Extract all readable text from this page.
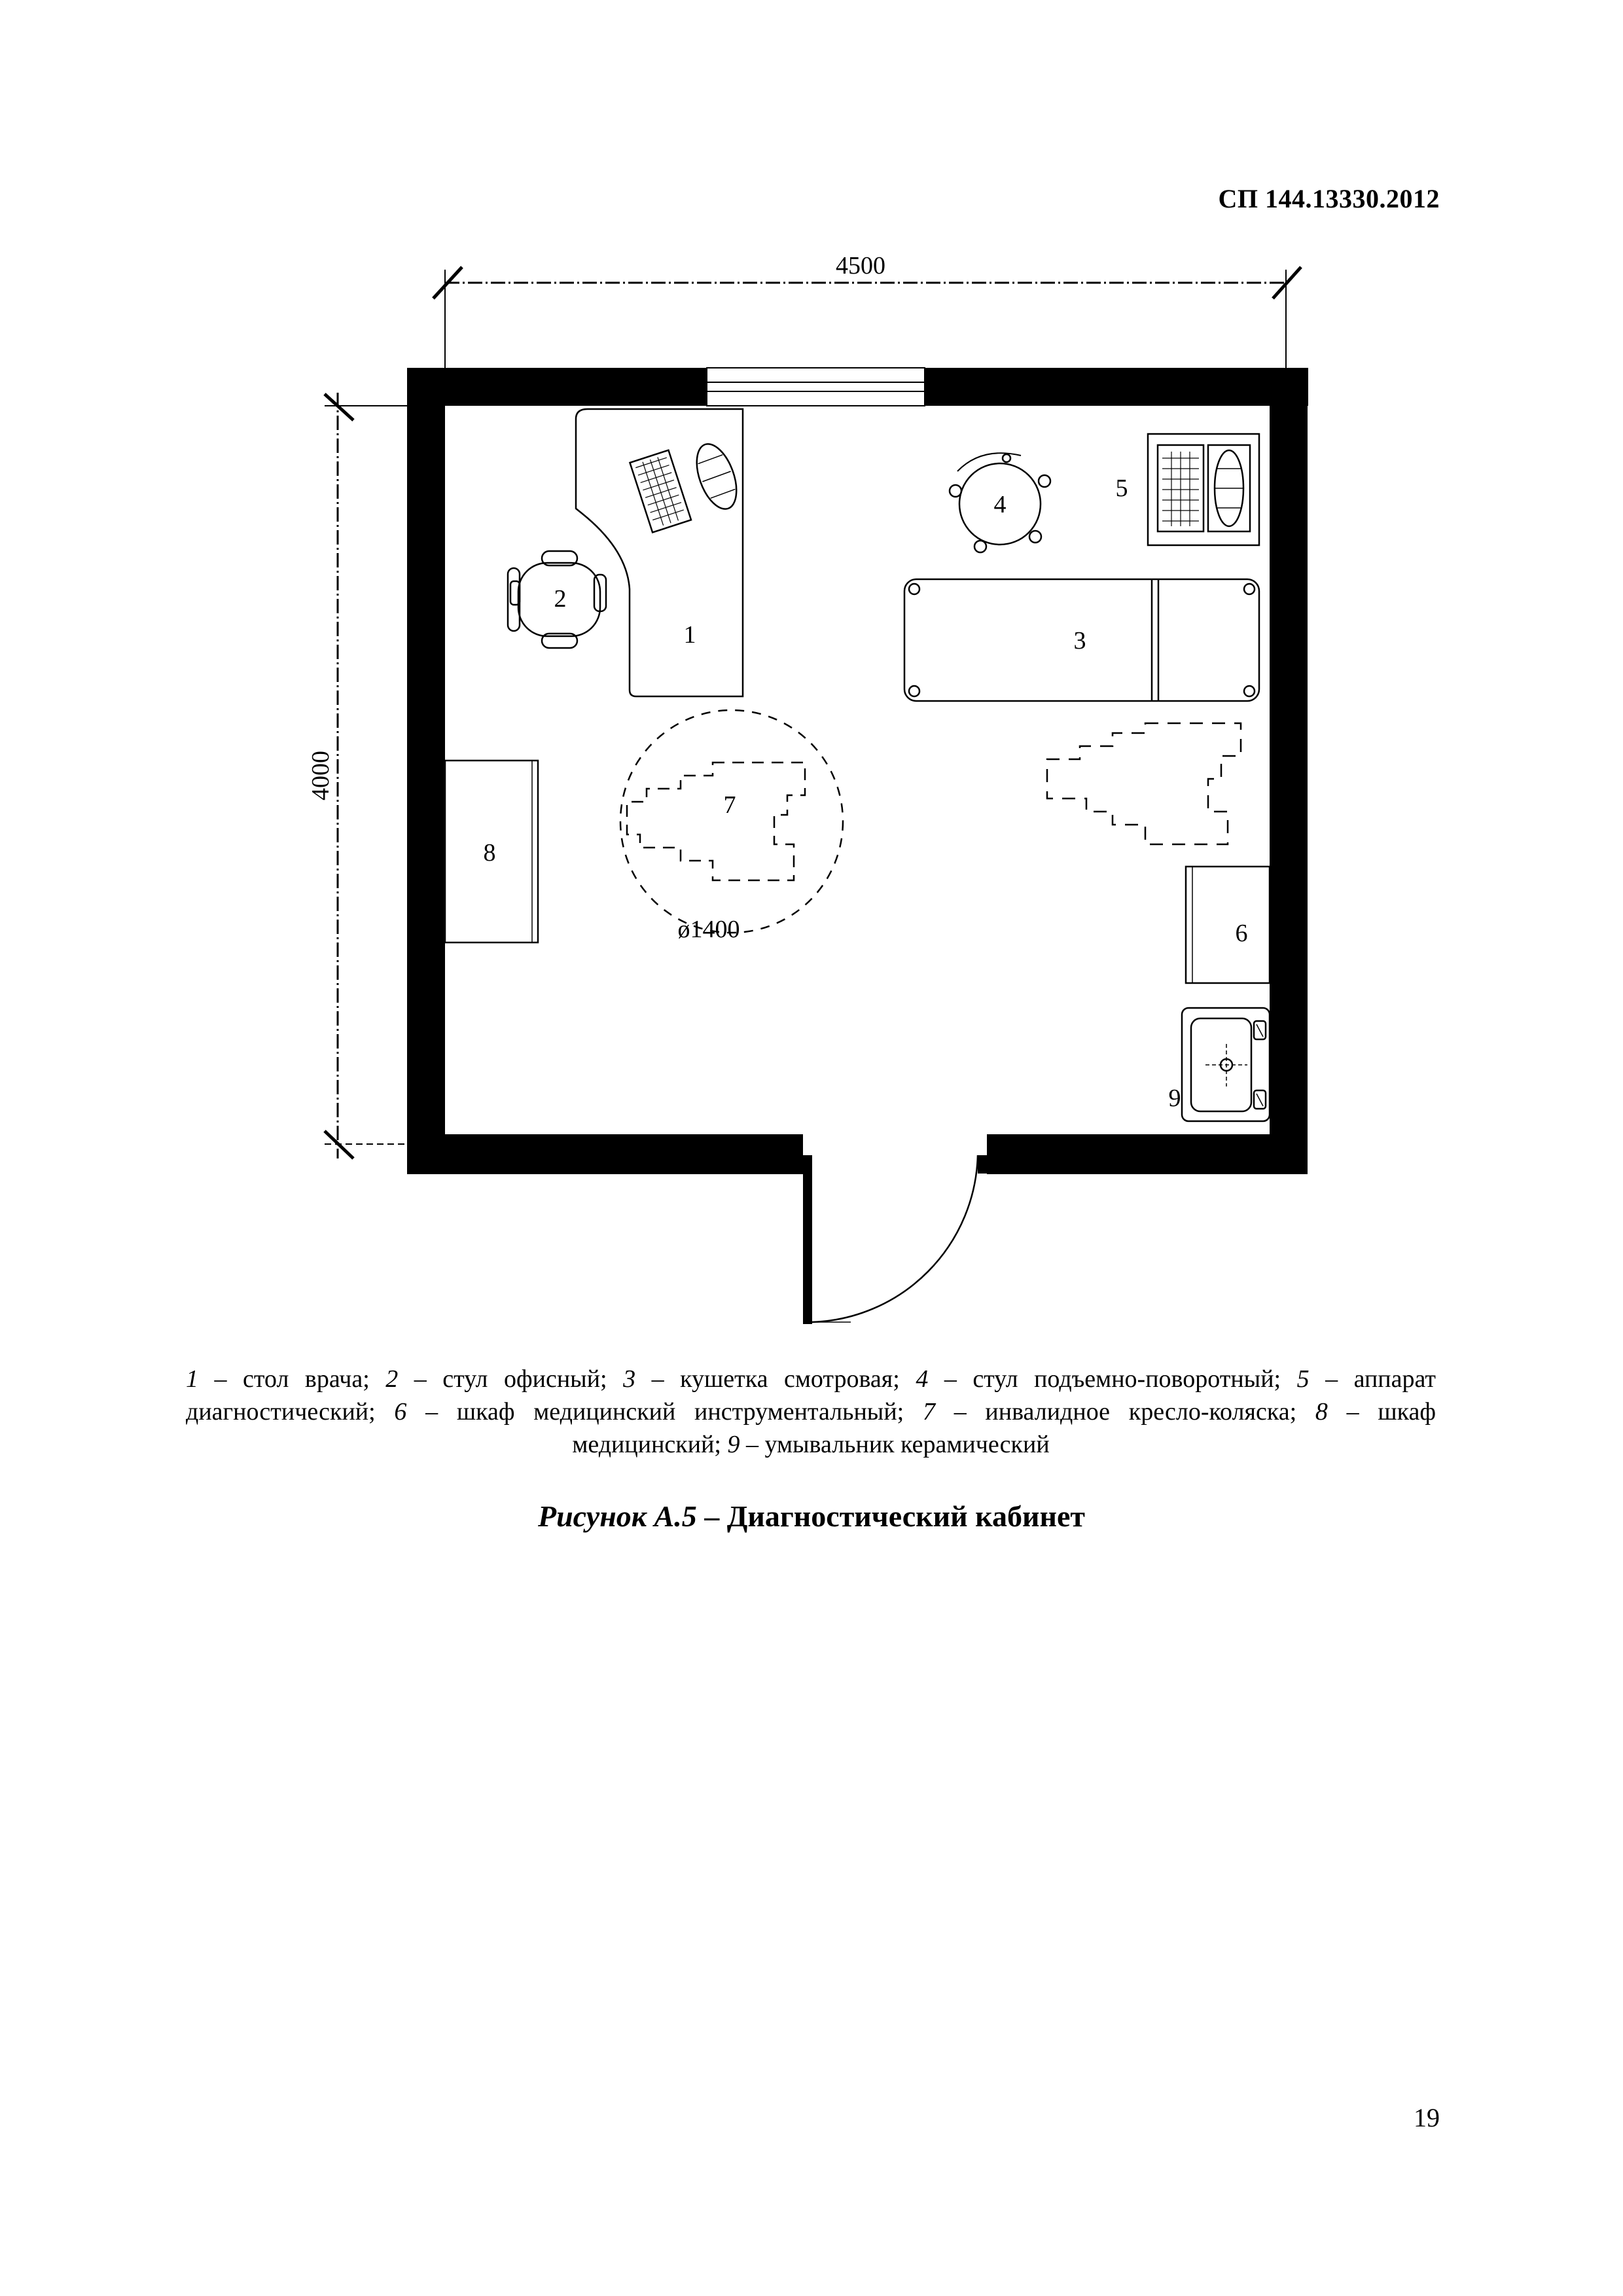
СП 144.13330.2012
4500
4000
1
2
3
4
5
6
7
8
9
ø1400
1 – стол врача; 2 – стул офисный; 3 – кушетка смотровая; 4 – стул подъемно-поворотный; 5 – аппарат диагностический; 6 – шкаф медицинский инструментальный; 7 – инвалидное кресло-коляска; 8 – шкаф медицинский; 9 – умывальник керамический
Рисунок А.5 – Диагностический кабинет
19
